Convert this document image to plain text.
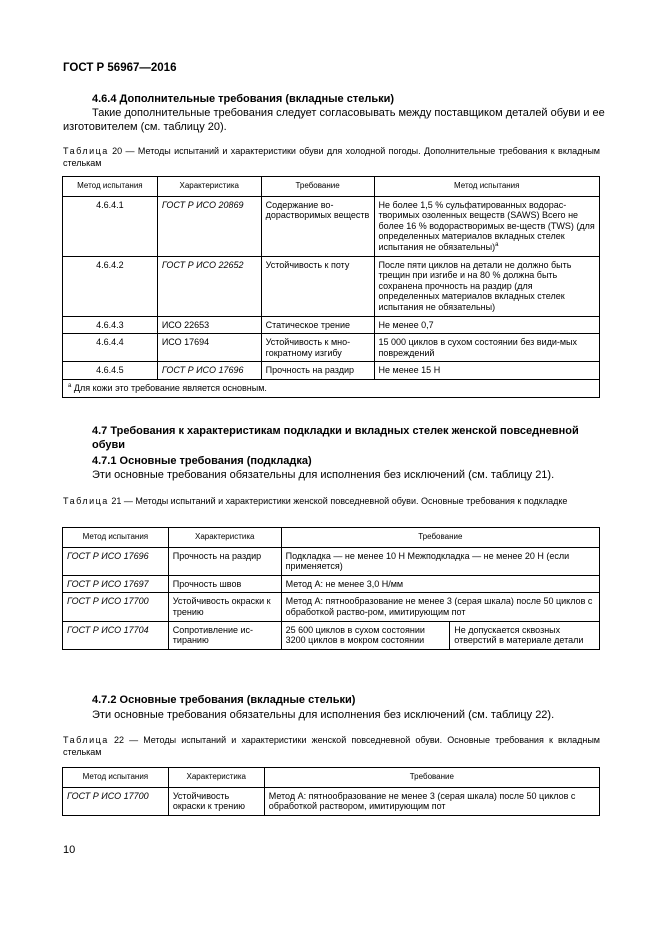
ГОСТ Р 56967—2016
4.6.4 Дополнительные требования (вкладные стельки)
Такие дополнительные требования следует согласовывать между поставщиком деталей обуви и ее изготовителем (см. таблицу 20).
Таблица 20 — Методы испытаний и характеристики обуви для холодной погоды. Дополнительные требования к вкладным стелькам
Метод испытания	Характеристика	Требование	Метод испытания
4.6.4.1	ГОСТ Р ИСО 20869	Содержание во-дорастворимых веществ	Не более 1,5 % сульфатированных водорас-творимых озоленных веществ (SAWS) Всего не более 16 % водорастворимых ве-ществ (TWS) (для определенных материалов вкладных стелек испытания не обязательны)$^a$
4.6.4.2	ГОСТ Р ИСО 22652	Устойчивость к поту	После пяти циклов на детали не должно быть трещин при изгибе и на 80 % должна быть сохранена прочность на раздир (для определенных материалов вкладных стелек испытания не обязательны)
4.6.4.3	ИСО 22653	Статическое трение	Не менее 0,7
4.6.4.4	ИСО 17694	Устойчивость к мно-гократному изгибу	15 000 циклов в сухом состоянии без види-мых повреждений
4.6.4.5	ГОСТ Р ИСО 17696	Прочность на раздир	Не менее 15 Н
$^a$ Для кожи это требование является основным.			
4.7 Требования к характеристикам подкладки и вкладных стелек женской повседневной обуви
4.7.1 Основные требования (подкладка)
Эти основные требования обязательны для исполнения без исключений (см. таблицу 21).
Таблица 21 — Методы испытаний и характеристики женской повседневной обуви. Основные требования к подкладке
Метод испытания	Характеристика	Требование	
ГОСТ Р ИСО 17696	Прочность на раздир	Подкладка — не менее 10 Н Межподкладка — не менее 20 Н (если применяется)	
ГОСТ Р ИСО 17697	Прочность швов	Метод А: не менее 3,0 Н/мм	
ГОСТ Р ИСО 17700	Устойчивость окраски к трению	Метод А: пятнообразование не менее 3 (серая шкала) после 50 циклов с обработкой раство-ром, имитирующим пот	
ГОСТ Р ИСО 17704	Сопротивление ис-тиранию	25 600 циклов в сухом состоянии 3200 циклов в мокром состоянии	Не допускается сквозных отверстий в материале детали
4.7.2 Основные требования (вкладные стельки)
Эти основные требования обязательны для исполнения без исключений (см. таблицу 22).
Таблица 22 — Методы испытаний и характеристики женской повседневной обуви. Основные требования к вкладным стелькам
Метод испытания	Характеристика	Требование
ГОСТ Р ИСО 17700	Устойчивость окраски к трению	Метод А: пятнообразование не менее 3 (серая шкала) после 50 циклов с обработкой раствором, имитирующим пот
10
